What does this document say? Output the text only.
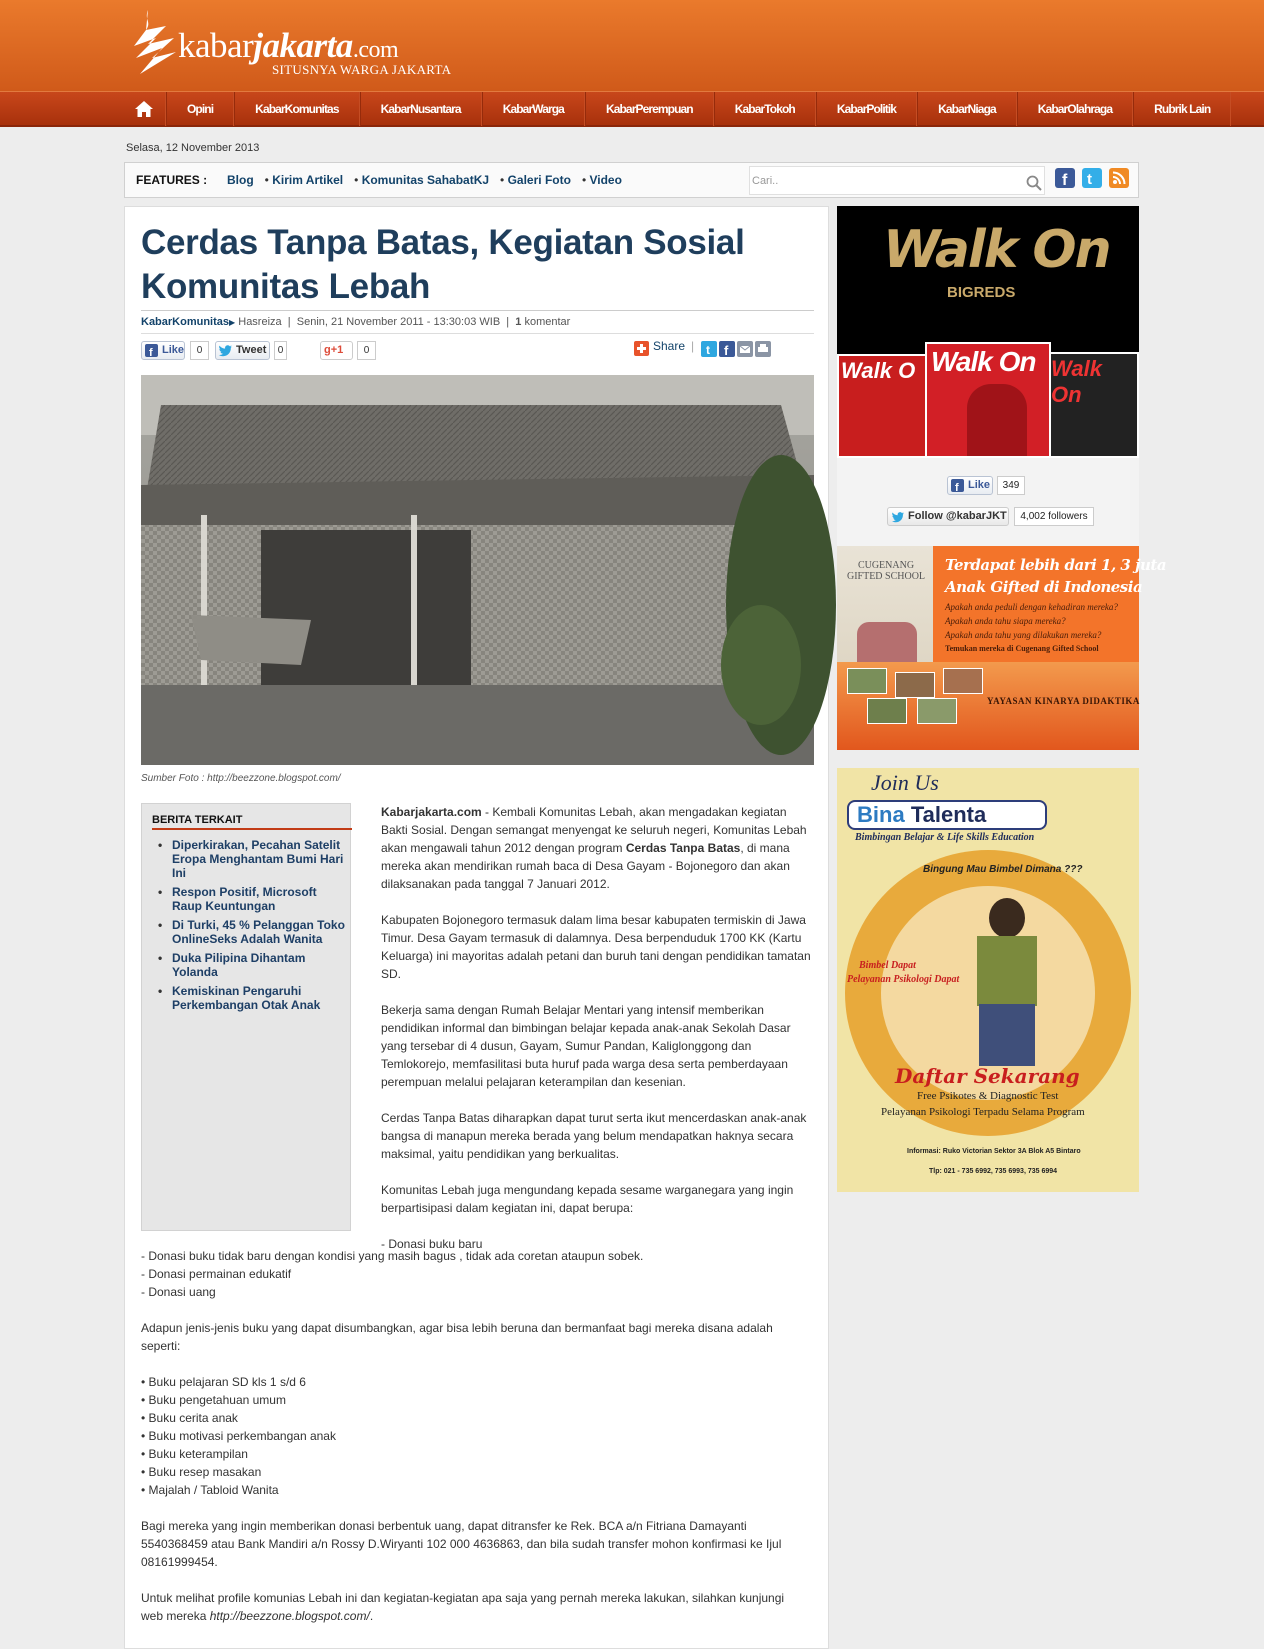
kabarjakarta.com
SITUSNYA WARGA JAKARTA
Opini	KabarKomunitas	KabarNusantara	KabarWarga	KabarPerempuan	KabarTokoh	KabarPolitik	KabarNiaga	KabarOlahraga	Rubrik Lain
Selasa, 12 November 2013
FEATURES : Blog • Kirim Artikel • Komunitas SahabatKJ • Galeri Foto • Video
Cari..	f t
Cerdas Tanpa Batas, Kegiatan Sosial Komunitas Lebah
KabarKomunitas▶ Hasreiza  |  Senin, 21 November 2011 - 13:30:03 WIB  |  1 komentar
f Like	0	Tweet	0	g+1	0	Share | t f
Sumber Foto : http://beezzone.blogspot.com/
BERITA TERKAIT
• Diperkirakan, Pecahan Satelit Eropa Menghantam Bumi Hari Ini
• Respon Positif, Microsoft Raup Keuntungan
• Di Turki, 45 % Pelanggan Toko OnlineSeks Adalah Wanita
• Duka Pilipina Dihantam Yolanda
• Kemiskinan Pengaruhi Perkembangan Otak Anak

Kabarjakarta.com - Kembali Komunitas Lebah, akan mengadakan kegiatan Bakti Sosial. Dengan semangat menyengat ke seluruh negeri, Komunitas Lebah akan mengawali tahun 2012 dengan program Cerdas Tanpa Batas, di mana mereka akan mendirikan rumah baca di Desa Gayam - Bojonegoro dan akan dilaksanakan pada tanggal 7 Januari 2012.

Kabupaten Bojonegoro termasuk dalam lima besar kabupaten termiskin di Jawa Timur. Desa Gayam termasuk di dalamnya. Desa berpenduduk 1700 KK (Kartu Keluarga) ini mayoritas adalah petani dan buruh tani dengan pendidikan tamatan SD.

Bekerja sama dengan Rumah Belajar Mentari yang intensif memberikan pendidikan informal dan bimbingan belajar kepada anak-anak Sekolah Dasar yang tersebar di 4 dusun, Gayam, Sumur Pandan, Kaliglonggong dan Temlokorejo, memfasilitasi buta huruf pada warga desa serta pemberdayaan perempuan melalui pelajaran keterampilan dan kesenian.

Cerdas Tanpa Batas diharapkan dapat turut serta ikut mencerdaskan anak-anak bangsa di manapun mereka berada yang belum mendapatkan haknya secara maksimal, yaitu pendidikan yang berkualitas.

Komunitas Lebah juga mengundang kepada sesame warganegara yang ingin berpartisipasi dalam kegiatan ini, dapat berupa:

- Donasi buku baru
- Donasi buku tidak baru dengan kondisi yang masih bagus , tidak ada coretan ataupun sobek.
- Donasi permainan edukatif
- Donasi uang

Adapun jenis-jenis buku yang dapat disumbangkan, agar bisa lebih beruna dan bermanfaat bagi mereka disana adalah seperti:

• Buku pelajaran SD kls 1 s/d 6
• Buku pengetahuan umum
• Buku cerita anak
• Buku motivasi perkembangan anak
• Buku keterampilan
• Buku resep masakan
• Majalah / Tabloid Wanita

Bagi mereka yang ingin memberikan donasi berbentuk uang, dapat ditransfer ke Rek. BCA a/n Fitriana Damayanti 5540368459 atau Bank Mandiri a/n Rossy D.Wiryanti 102 000 4636863, dan bila sudah transfer mohon konfirmasi ke Ijul 08161999454.

Untuk melihat profile komunias Lebah ini dan kegiatan-kegiatan apa saja yang pernah mereka lakukan, silahkan kunjungi web mereka http://beezzone.blogspot.com/.

Walk On
BIGREDS
Walk O	Walk On
Walk On
f Like	349
Follow @kabarJKT	4,002 followers
CUGENANG GIFTED SCHOOL
Terdapat lebih dari 1, 3 juta
Anak Gifted di Indonesia
Apakah anda peduli dengan kehadiran mereka?
Apakah anda tahu siapa mereka?
Apakah anda tahu yang dilakukan mereka?
Temukan mereka di Cugenang Gifted School
YAYASAN KINARYA DIDAKTIKA
Join Us
Bina Talenta
Bimbingan Belajar & Life Skills Education
Bingung Mau Bimbel Dimana ???
Bimbel Dapat
Pelayanan Psikologi Dapat
Daftar Sekarang
Free Psikotes & Diagnostic Test
Pelayanan Psikologi Terpadu Selama Program
Informasi: Ruko Victorian Sektor 3A Blok A5 Bintaro
Tlp: 021 - 735 6992, 735 6993, 735 6994
